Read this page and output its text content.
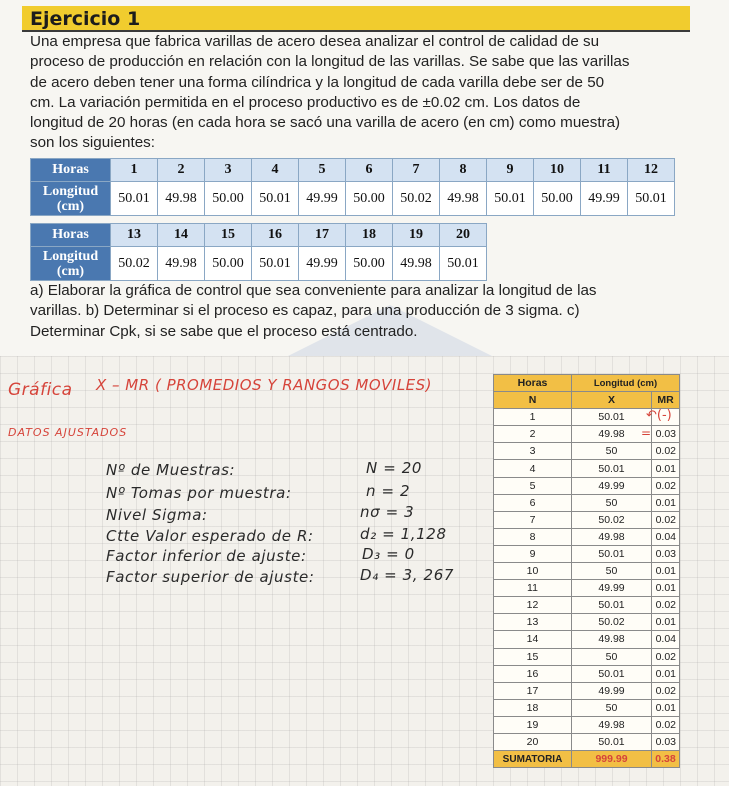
Ejercicio 1
Una empresa que fabrica varillas de acero desea analizar el control de calidad de su
proceso de producción en relación con la longitud de las varillas. Se sabe que las varillas
de acero deben tener una forma cilíndrica y la longitud de cada varilla debe ser de 50
cm. La variación permitida en el proceso productivo es de ±0.02 cm. Los datos de
longitud de 20 horas (en cada hora se sacó una varilla de acero (en cm) como muestra)
son los siguientes:
Horas	1	2	3	4	5	6	7	8	9	10	11	12
Longitud
(cm)	50.01	49.98	50.00	50.01	49.99	50.00	50.02	49.98	50.01	50.00	49.99	50.01
Horas	13	14	15	16	17	18	19	20
Longitud
(cm)	50.02	49.98	50.00	50.01	49.99	50.00	49.98	50.01
a) Elaborar la gráfica de control que sea conveniente para analizar la longitud de las
varillas. b) Determinar si el proceso es capaz, para una producción de 3 sigma. c)
Determinar Cpk, si se sabe que el proceso está centrado.
Gráfica X – MR ( PROMEDIOS Y RANGOS MOVILES)
DATOS AJUSTADOS
Nº de Muestras:	N = 20
Nº Tomas por muestra:	n = 2
Nivel Sigma:	nσ = 3
Ctte Valor esperado de R:	d₂ = 1,128
Factor inferior de ajuste:	D₃ = 0
Factor superior de ajuste:	D₄ = 3, 267
Horas	Longitud (cm)	
N	X	MR
1	50.01	
2	49.98	0.03
3	50	0.02
4	50.01	0.01
5	49.99	0.02
6	50	0.01
7	50.02	0.02
8	49.98	0.04
9	50.01	0.03
10	50	0.01
11	49.99	0.01
12	50.01	0.02
13	50.02	0.01
14	49.98	0.04
15	50	0.02
16	50.01	0.01
17	49.99	0.02
18	50	0.01
19	49.98	0.02
20	50.01	0.03
SUMATORIA	999.99	0.38
↶(-)
=
